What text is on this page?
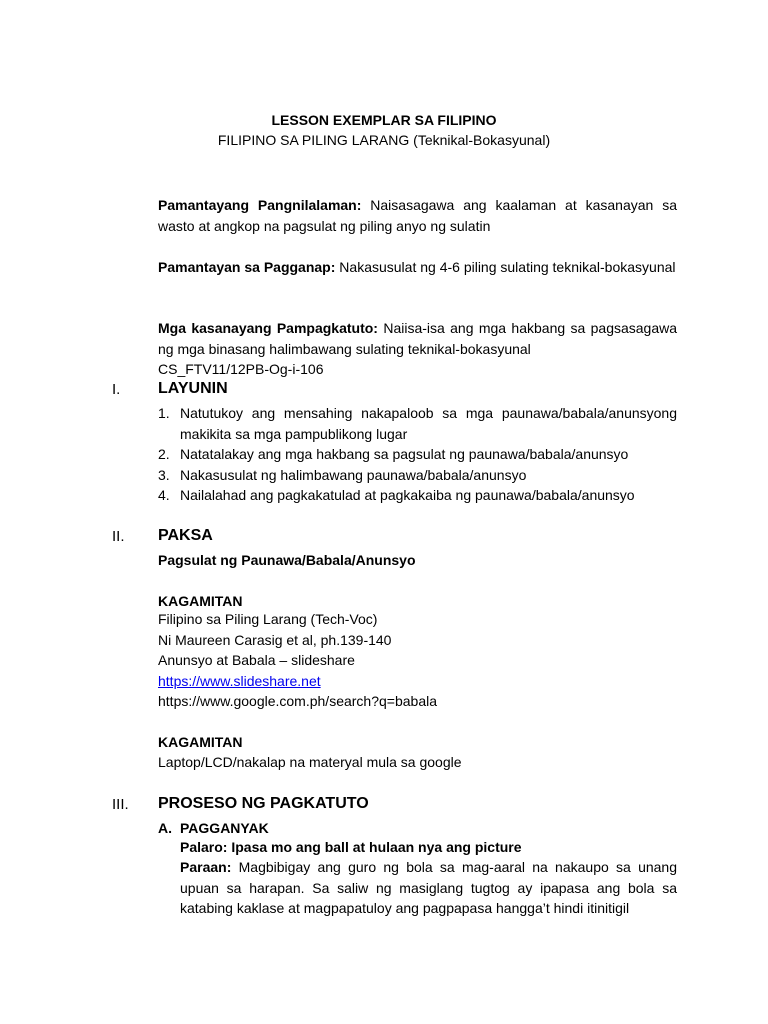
LESSON EXEMPLAR SA FILIPINO
FILIPINO SA PILING LARANG (Teknikal-Bokasyunal)
Pamantayang Pangnilalaman: Naisasagawa ang kaalaman at kasanayan sa wasto at angkop na pagsulat ng piling anyo ng sulatin
Pamantayan sa Pagganap: Nakasusulat ng 4-6 piling sulating teknikal-bokasyunal
Mga kasanayang Pampagkatuto: Naiisa-isa ang mga hakbang sa pagsasagawa ng mga binasang halimbawang sulating teknikal-bokasyunal
CS_FTV11/12PB-Og-i-106
I. LAYUNIN
1. Natutukoy ang mensahing nakapaloob sa mga paunawa/babala/anunsyong makikita sa mga pampublikong lugar
2. Natatalakay ang mga hakbang sa pagsulat ng paunawa/babala/anunsyo
3. Nakasusulat ng halimbawang paunawa/babala/anunsyo
4. Nailalahad ang pagkakatulad at pagkakaiba ng paunawa/babala/anunsyo
II. PAKSA
Pagsulat ng Paunawa/Babala/Anunsyo
KAGAMITAN
Filipino sa Piling Larang (Tech-Voc)
Ni Maureen Carasig et al, ph.139-140
Anunsyo at Babala – slideshare
https://www.slideshare.net
https://www.google.com.ph/search?q=babala
KAGAMITAN
Laptop/LCD/nakalap na materyal mula sa google
III. PROSESO NG PAGKATUTO
A. PAGGANYAK
Palaro: Ipasa mo ang ball at hulaan nya ang picture
Paraan: Magbibigay ang guro ng bola sa mag-aaral na nakaupo sa unang upuan sa harapan. Sa saliw ng masiglang tugtog ay ipapasa ang bola sa katabing kaklase at magpapatuloy ang pagpapasa hangga’t hindi itinitigil
